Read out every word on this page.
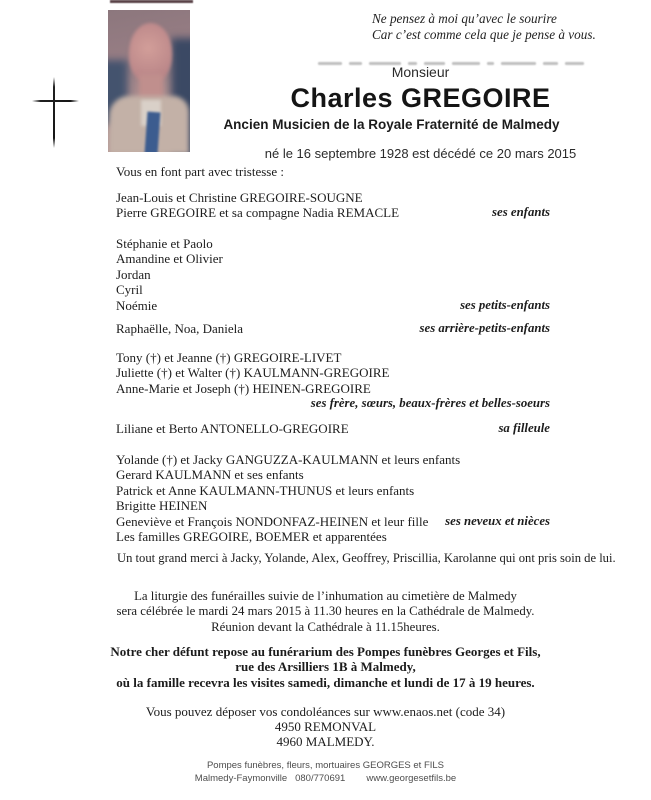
Ne pensez à moi qu’avec le sourire
Car c’est comme cela que je pense à vous.
Monsieur
Charles GREGOIRE
Ancien Musicien de la Royale Fraternité de Malmedy
né le 16 septembre 1928 est décédé ce 20 mars 2015
Vous en font part avec tristesse :
Jean-Louis et Christine GREGOIRE-SOUGNE
Pierre GREGOIRE et sa compagne Nadia REMACLE	ses enfants
Stéphanie et Paolo
Amandine et Olivier
Jordan
Cyril
Noémie	ses petits-enfants
Raphaëlle, Noa, Daniela	ses arrière-petits-enfants
Tony (†) et Jeanne (†) GREGOIRE-LIVET
Juliette (†) et Walter (†) KAULMANN-GREGOIRE
Anne-Marie et Joseph (†) HEINEN-GREGOIRE
ses frère, sœurs, beaux-frères et belles-soeurs
Liliane et Berto ANTONELLO-GREGOIRE	sa filleule
Yolande (†) et Jacky GANGUZZA-KAULMANN et leurs enfants
Gerard KAULMANN et ses enfants
Patrick et Anne KAULMANN-THUNUS et leurs enfants
Brigitte HEINEN
Geneviève et François NONDONFAZ-HEINEN et leur fille ses neveux et nièces
Les familles GREGOIRE, BOEMER et apparentées
Un tout grand merci à Jacky, Yolande, Alex, Geoffrey, Priscillia, Karolanne qui ont pris soin de lui.
La liturgie des funérailles suivie de l’inhumation au cimetière de Malmedy
sera célébrée le mardi 24 mars 2015 à 11.30 heures en la Cathédrale de Malmedy.
Réunion devant la Cathédrale à 11.15heures.
Notre cher défunt repose au funérarium des Pompes funèbres Georges et Fils,
rue des Arsilliers 1B à Malmedy,
où la famille recevra les visites samedi, dimanche et lundi de 17 à 19 heures.
Vous pouvez déposer vos condoléances sur www.enaos.net (code 34)
4950 REMONVAL
4960 MALMEDY.
Pompes funèbres, fleurs, mortuaires GEORGES et FILS
Malmedy-Faymonville   080/770691        www.georgesetfils.be
